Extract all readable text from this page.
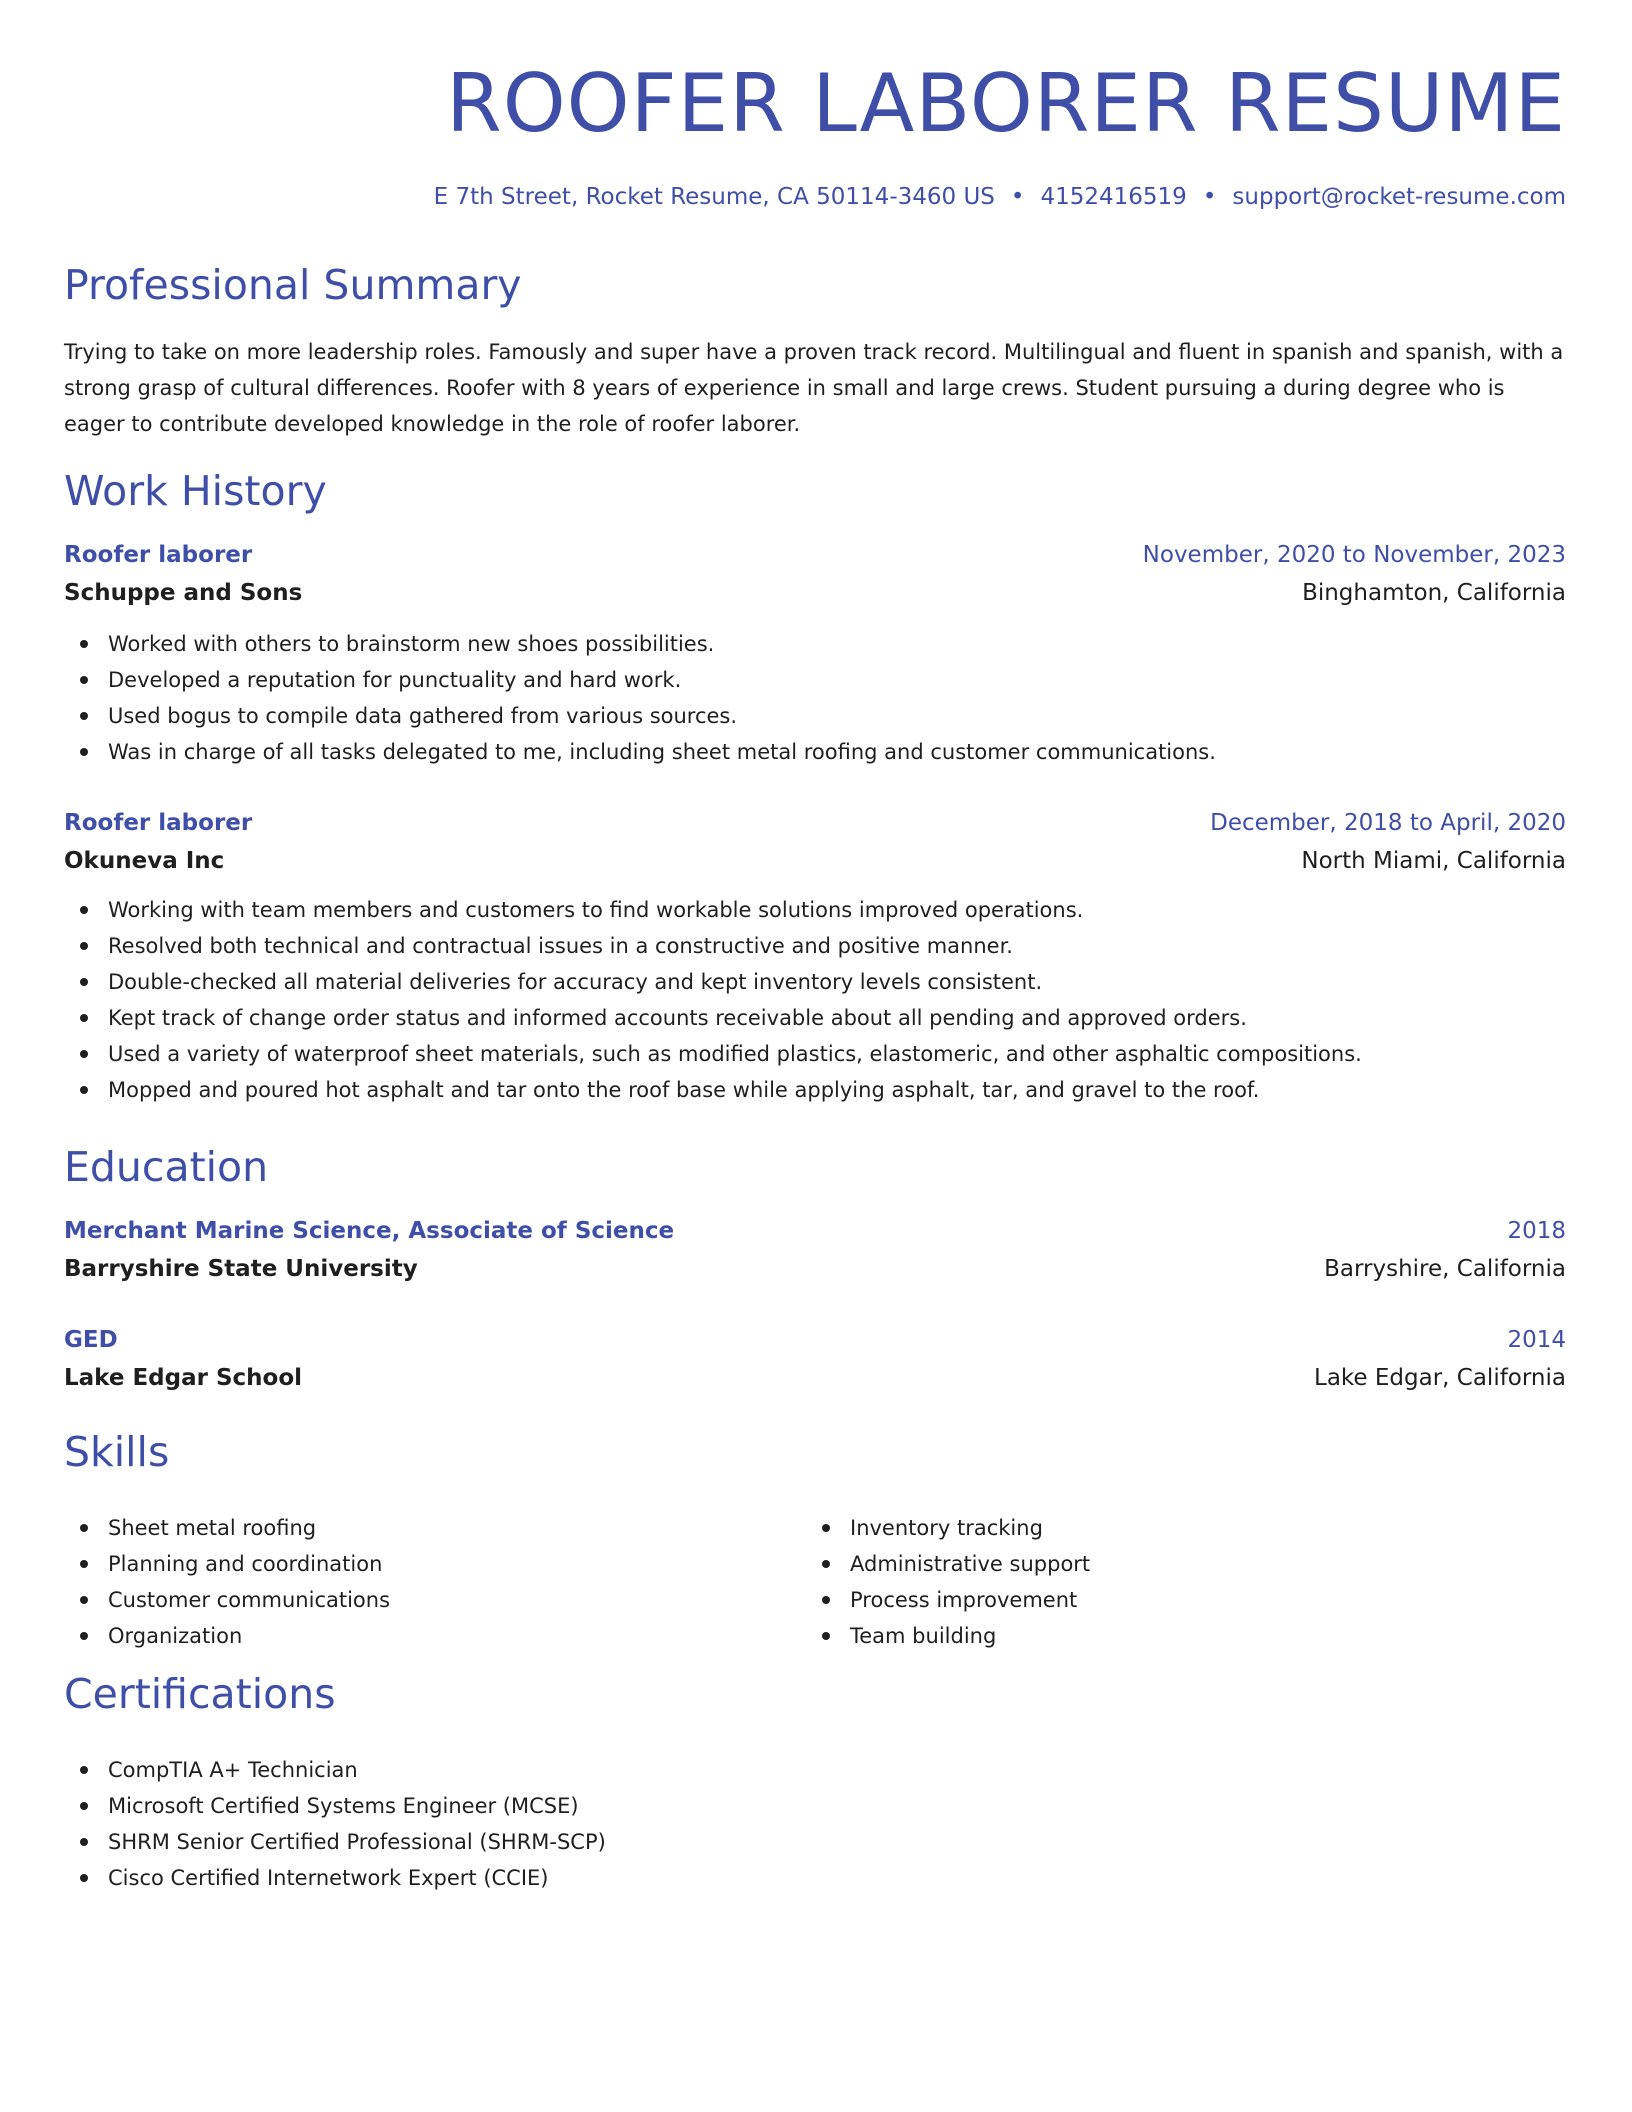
ROOFER LABORER RESUME
E 7th Street, Rocket Resume, CA 50114-3460 US • 4152416519 • support@rocket-resume.com
Professional Summary

Trying to take on more leadership roles. Famously and super have a proven track record. Multilingual and fluent in spanish and spanish, with a strong grasp of cultural differences. Roofer with 8 years of experience in small and large crews. Student pursuing a during degree who is eager to contribute developed knowledge in the role of roofer laborer.

Work History
Roofer laborer	November, 2020 to November, 2023
Schuppe and Sons	Binghamton, California
Worked with others to brainstorm new shoes possibilities.
Developed a reputation for punctuality and hard work.
Used bogus to compile data gathered from various sources.
Was in charge of all tasks delegated to me, including sheet metal roofing and customer communications.
Roofer laborer	December, 2018 to April, 2020
Okuneva Inc	North Miami, California
Working with team members and customers to find workable solutions improved operations.
Resolved both technical and contractual issues in a constructive and positive manner.
Double-checked all material deliveries for accuracy and kept inventory levels consistent.
Kept track of change order status and informed accounts receivable about all pending and approved orders.
Used a variety of waterproof sheet materials, such as modified plastics, elastomeric, and other asphaltic compositions.
Mopped and poured hot asphalt and tar onto the roof base while applying asphalt, tar, and gravel to the roof.
Education
Merchant Marine Science, Associate of Science	2018
Barryshire State University	Barryshire, California
GED	2014
Lake Edgar School	Lake Edgar, California
Skills
Sheet metal roofing
Planning and coordination
Customer communications
Organization
Inventory tracking
Administrative support
Process improvement
Team building
Certifications
CompTIA A+ Technician
Microsoft Certified Systems Engineer (MCSE)
SHRM Senior Certified Professional (SHRM-SCP)
Cisco Certified Internetwork Expert (CCIE)
